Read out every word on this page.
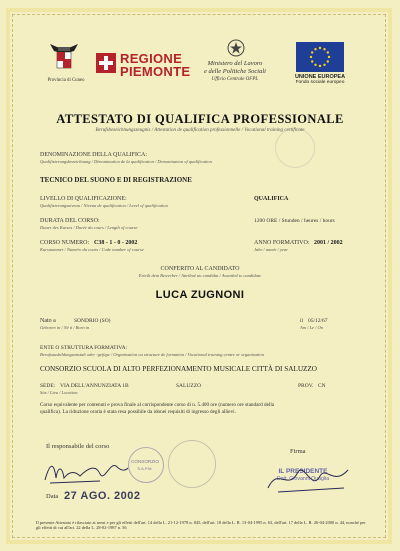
Provincia di Cuneo
REGIONE
PIEMONTE
Ministero del Lavoro
e delle Politiche Sociali
Ufficio Centrale OFPL	UNIONE EUROPEA
Fondo sociale europeo
ATTESTATO DI QUALIFICA PROFESSIONALE
Berufsbezeichnungszeugnis / Attestation de qualification professionnelle / Vocational training certificate
DENOMINAZIONE DELLA QUALIFICA:
Qualifizierungsbezeichnung / Dénomination de la qualification / Denomination of qualification
TECNICO DEL SUONO E DI REGISTRAZIONE
LIVELLO DI QUALIFICAZIONE:
Qualifizierungsniveau / Niveau de qualification / Level of qualification
QUALIFICA
DURATA DEL CORSO:
Dauer des Kurses / Durée du cours / Length of course
1200 ORE / Stunden / heures / hours
CORSO NUMERO: C38 - 1 - 0 - 2002
Kursnummer / Numéro du cours / Code number of course
ANNO FORMATIVO: 2001 / 2002
Jahr / année / year
CONFERITO AL CANDIDATO
Erteilt dem Bewerber / Attribué au candidat / Awarded to candidate
LUCA ZUGNONI
Nato a	SONDRIO (SO)
Geboren in / Né à / Born in
il 05/12/67
Am / Le / On
ENTE O STRUTTURA FORMATIVA:
Berufsausbildungsanstalt oder -gefüge / Organisation ou structure de formation / Vocational training centre or organisation
CONSORZIO SCUOLA DI ALTO PERFEZIONAMENTO MUSICALE CITTÀ DI SALUZZO
SEDE: VIA DELL'ANNUNZIATA 1B	SALUZZO	PROV. CN
Sitz / Lieu / Location
Corso equivalente per contenuti e prova finale al corrispondente corso di n. 5.400 ore (numero ore standard della
qualifica). La riduzione oraria è stata resa possibile da idonei requisiti di ingresso degli allievi.
Il responsabile del corso
CONSORZIO
S.A.P.M.
Data 27 AGO. 2002
Firma
IL PRESIDENTE
Dott. Giovanni Quaglia
Il presente Attestato è rilasciato ai sensi e per gli effetti dell'art. 14 della L. 21-12-1978 n. 845, dell'art. 18 della L. R. 13-04-1995 n. 63, dell'art. 17 della L. R. 26-04-2000 n. 44, nonché per gli effetti di cui all'art. 22 della L. 28-02-1987 n. 56
